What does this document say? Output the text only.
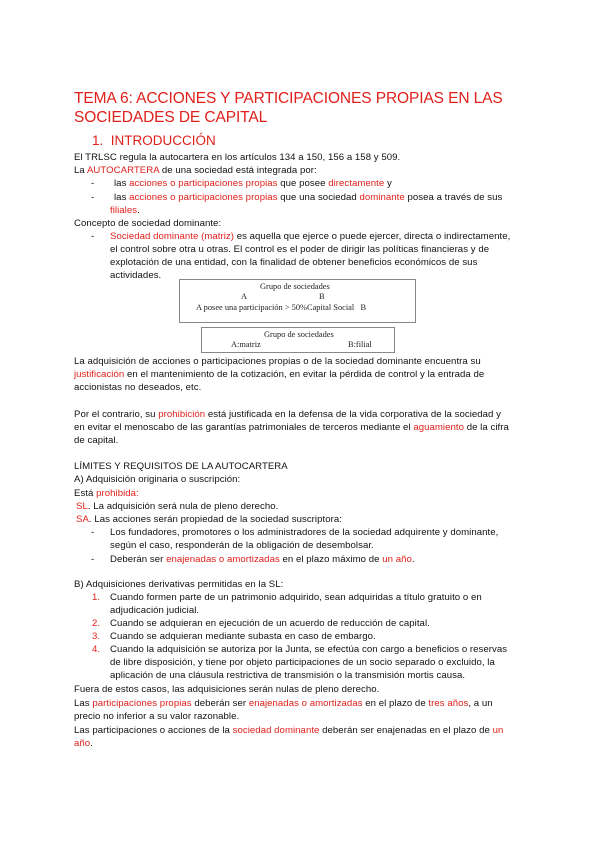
TEMA 6: ACCIONES Y PARTICIPACIONES PROPIAS EN LAS SOCIEDADES DE CAPITAL
1. INTRODUCCIÓN
El TRLSC regula la autocartera en los artículos 134 a 150, 156 a 158 y 509.
La AUTOCARTERA de una sociedad está integrada por:
- las acciones o participaciones propias que posee directamente y
- las acciones o participaciones propias que una sociedad dominante posea a través de sus
filiales.
Concepto de sociedad dominante:
- Sociedad dominante (matriz) es aquella que ejerce o puede ejercer, directa o indirectamente,
el control sobre otra u otras. El control es el poder de dirigir las políticas financieras y de
explotación de una entidad, con la finalidad de obtener beneficios económicos de sus
actividades.
Grupo de sociedades
A	B
A posee una participación > 50%Capital Social B
Grupo de sociedades
A:matriz	B:filial
La adquisición de acciones o participaciones propias o de la sociedad dominante encuentra su
justificación en el mantenimiento de la cotización, en evitar la pérdida de control y la entrada de
accionistas no deseados, etc.
Por el contrario, su prohibición está justificada en la defensa de la vida corporativa de la sociedad y
en evitar el menoscabo de las garantías patrimoniales de terceros mediante el aguamiento de la cifra
de capital.
LÍMITES Y REQUISITOS DE LA AUTOCARTERA
A) Adquisición originaria o suscripción:
Está prohibida:
SL. La adquisición será nula de pleno derecho.
SA. Las acciones serán propiedad de la sociedad suscriptora:
- Los fundadores, promotores o los administradores de la sociedad adquirente y dominante,
según el caso, responderán de la obligación de desembolsar.
- Deberán ser enajenadas o amortizadas en el plazo máximo de un año.
B) Adquisiciones derivativas permitidas en la SL:
1. Cuando formen parte de un patrimonio adquirido, sean adquiridas a título gratuito o en
adjudicación judicial.
2. Cuando se adquieran en ejecución de un acuerdo de reducción de capital.
3. Cuando se adquieran mediante subasta en caso de embargo.
4. Cuando la adquisición se autoriza por la Junta, se efectúa con cargo a beneficios o reservas
de libre disposición, y tiene por objeto participaciones de un socio separado o excluido, la
aplicación de una cláusula restrictiva de transmisión o la transmisión mortis causa.
Fuera de estos casos, las adquisiciones serán nulas de pleno derecho.
Las participaciones propias deberán ser enajenadas o amortizadas en el plazo de tres años, a un
precio no inferior a su valor razonable.
Las participaciones o acciones de la sociedad dominante deberán ser enajenadas en el plazo de un
año.
